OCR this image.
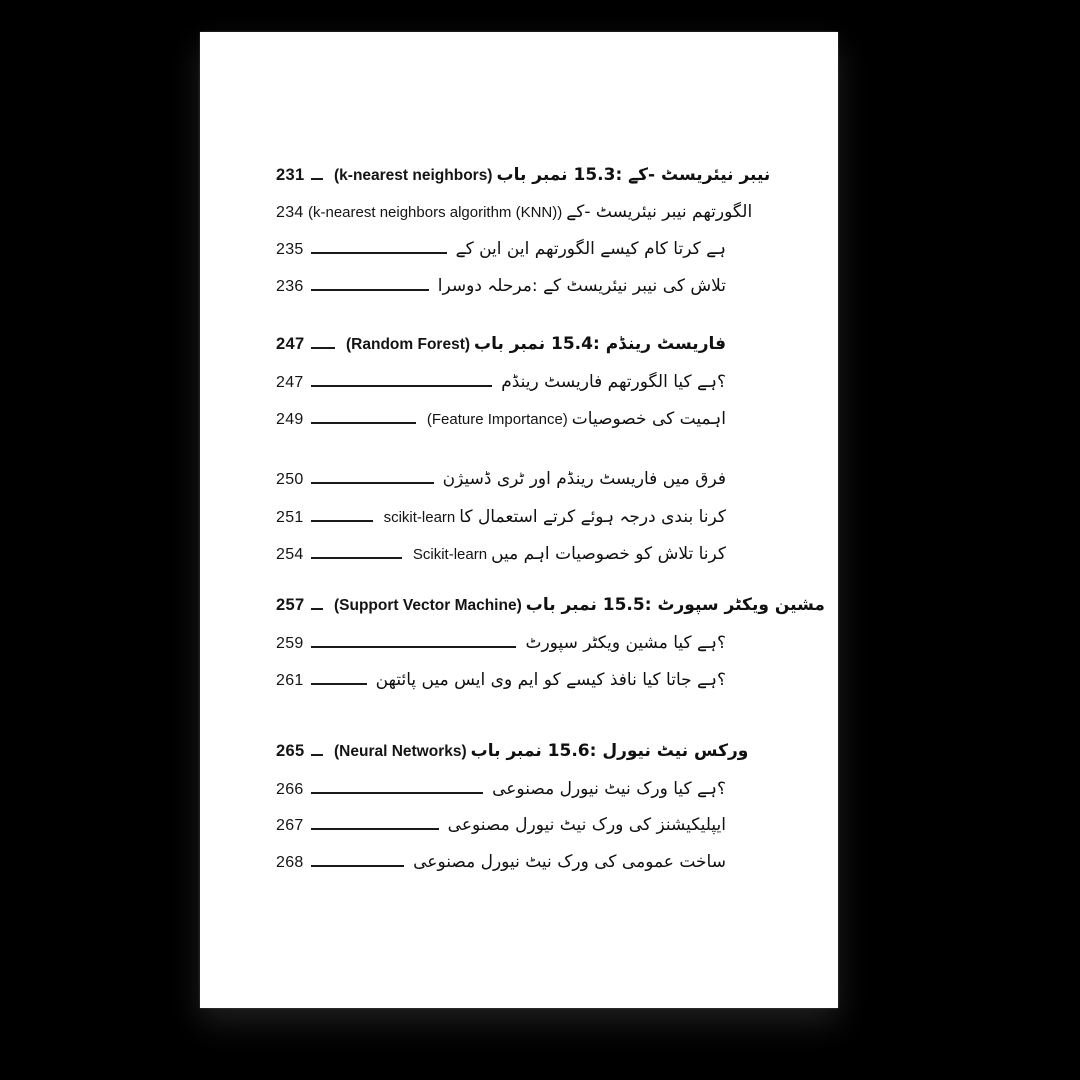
231 (k-nearest neighbors) باب نمبر 15.3: کے- نیئریسٹ نیبر
234 (k-nearest neighbors algorithm (KNN)) کے- نیئریسٹ نیبر الگورتھم
235	کے این این الگورتھم کیسے کام کرتا ہے
236	دوسرا مرحلہ: کے نیئریسٹ نیبر کی تلاش
247	(Random Forest) باب نمبر 15.4: رینڈم فاریسٹ
247	رینڈم فاریسٹ الگورتھم کیا ہے؟
249	(Feature Importance) خصوصیات کی اہمیت
250	ڈسیژن ٹری اور رینڈم فاریسٹ میں فرق
251	scikit-learn کا استعمال کرتے ہوئے درجہ بندی کرنا
254	Scikit-learn میں اہم خصوصیات کو تلاش کرنا
257 (Support Vector Machine) باب نمبر 15.5: سپورٹ ویکٹر مشین
259	سپورٹ ویکٹر مشین کیا ہے؟
261	پائتھن میں ایس وی ایم کو کیسے نافذ کیا جاتا ہے؟
265 (Neural Networks) باب نمبر 15.6: نیورل نیٹ ورکس
266	مصنوعی نیورل نیٹ ورک کیا ہے؟
267	مصنوعی نیورل نیٹ ورک کی ایپلیکیشنز
268	مصنوعی نیورل نیٹ ورک کی عمومی ساخت
